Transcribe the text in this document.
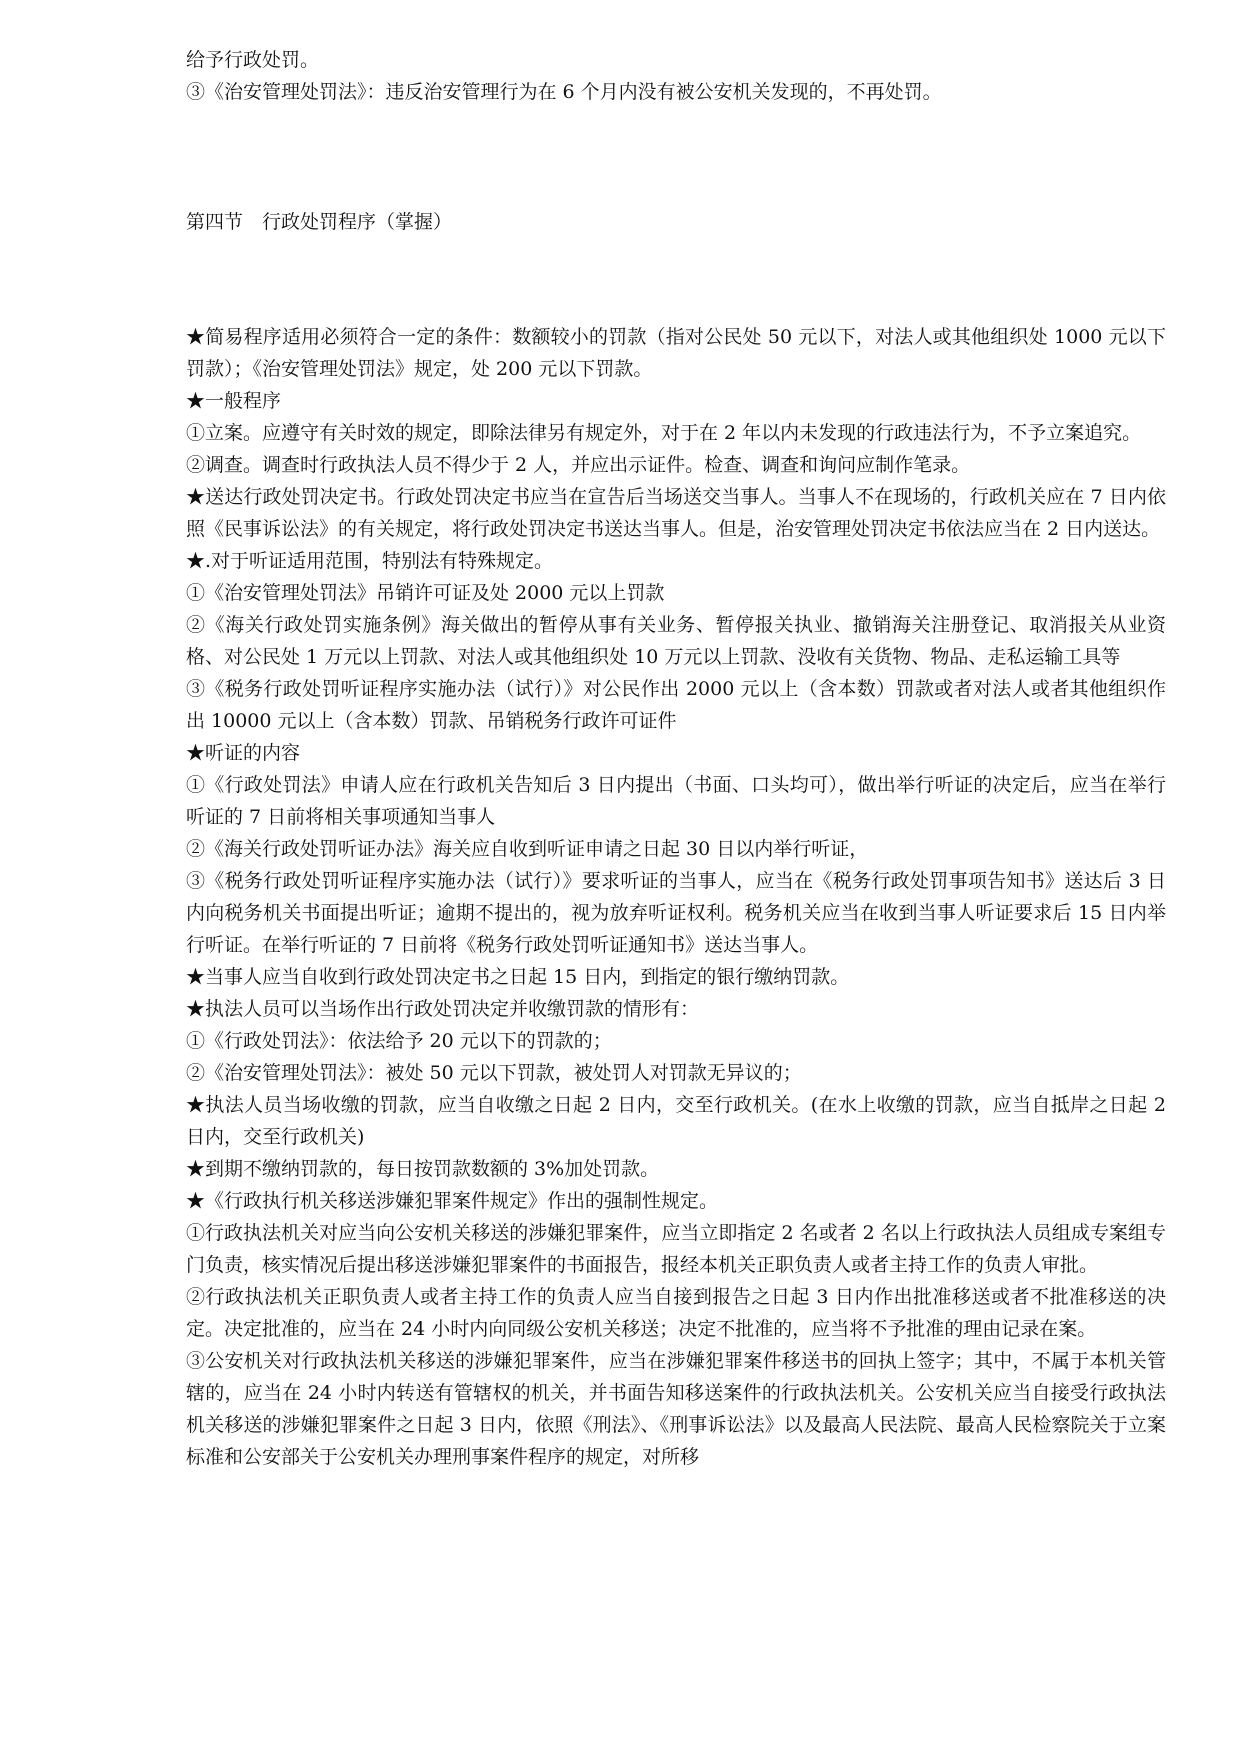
给予行政处罚。

③《治安管理处罚法》：违反治安管理行为在 6 个月内没有被公安机关发现的，不再处罚。

第四节　行政处罚程序（掌握）

★简易程序适用必须符合一定的条件：数额较小的罚款（指对公民处 50 元以下，对法人或其他组织处 1000 元以下罚款）；《治安管理处罚法》规定，处 200 元以下罚款。

★一般程序

①立案。应遵守有关时效的规定，即除法律另有规定外，对于在 2 年以内未发现的行政违法行为，不予立案追究。

②调查。调查时行政执法人员不得少于 2 人，并应出示证件。检查、调查和询问应制作笔录。

★送达行政处罚决定书。行政处罚决定书应当在宣告后当场送交当事人。当事人不在现场的，行政机关应在 7 日内依照《民事诉讼法》的有关规定，将行政处罚决定书送达当事人。但是，治安管理处罚决定书依法应当在 2 日内送达。

★.对于听证适用范围，特别法有特殊规定。

①《治安管理处罚法》吊销许可证及处 2000 元以上罚款

②《海关行政处罚实施条例》海关做出的暂停从事有关业务、暂停报关执业、撤销海关注册登记、取消报关从业资格、对公民处 1 万元以上罚款、对法人或其他组织处 10 万元以上罚款、没收有关货物、物品、走私运输工具等

③《税务行政处罚听证程序实施办法（试行）》对公民作出 2000 元以上（含本数）罚款或者对法人或者其他组织作出 10000 元以上（含本数）罚款、吊销税务行政许可证件

★听证的内容

①《行政处罚法》申请人应在行政机关告知后 3 日内提出（书面、口头均可），做出举行听证的决定后，应当在举行听证的 7 日前将相关事项通知当事人

②《海关行政处罚听证办法》海关应自收到听证申请之日起 30 日以内举行听证，

③《税务行政处罚听证程序实施办法（试行）》要求听证的当事人，应当在《税务行政处罚事项告知书》送达后 3 日内向税务机关书面提出听证；逾期不提出的，视为放弃听证权利。税务机关应当在收到当事人听证要求后 15 日内举行听证。在举行听证的 7 日前将《税务行政处罚听证通知书》送达当事人。

★当事人应当自收到行政处罚决定书之日起 15 日内，到指定的银行缴纳罚款。

★执法人员可以当场作出行政处罚决定并收缴罚款的情形有：

①《行政处罚法》：依法给予 20 元以下的罚款的；

②《治安管理处罚法》：被处 50 元以下罚款，被处罚人对罚款无异议的；

★执法人员当场收缴的罚款，应当自收缴之日起 2 日内，交至行政机关。(在水上收缴的罚款，应当自抵岸之日起 2 日内，交至行政机关)

★到期不缴纳罚款的，每日按罚款数额的 3%加处罚款。

★《行政执行机关移送涉嫌犯罪案件规定》作出的强制性规定。

①行政执法机关对应当向公安机关移送的涉嫌犯罪案件，应当立即指定 2 名或者 2 名以上行政执法人员组成专案组专门负责，核实情况后提出移送涉嫌犯罪案件的书面报告，报经本机关正职负责人或者主持工作的负责人审批。

②行政执法机关正职负责人或者主持工作的负责人应当自接到报告之日起 3 日内作出批准移送或者不批准移送的决定。决定批准的，应当在 24 小时内向同级公安机关移送；决定不批准的，应当将不予批准的理由记录在案。

③公安机关对行政执法机关移送的涉嫌犯罪案件，应当在涉嫌犯罪案件移送书的回执上签字；其中，不属于本机关管辖的，应当在 24 小时内转送有管辖权的机关，并书面告知移送案件的行政执法机关。公安机关应当自接受行政执法机关移送的涉嫌犯罪案件之日起 3 日内，依照《刑法》、《刑事诉讼法》以及最高人民法院、最高人民检察院关于立案标准和公安部关于公安机关办理刑事案件程序的规定，对所移
